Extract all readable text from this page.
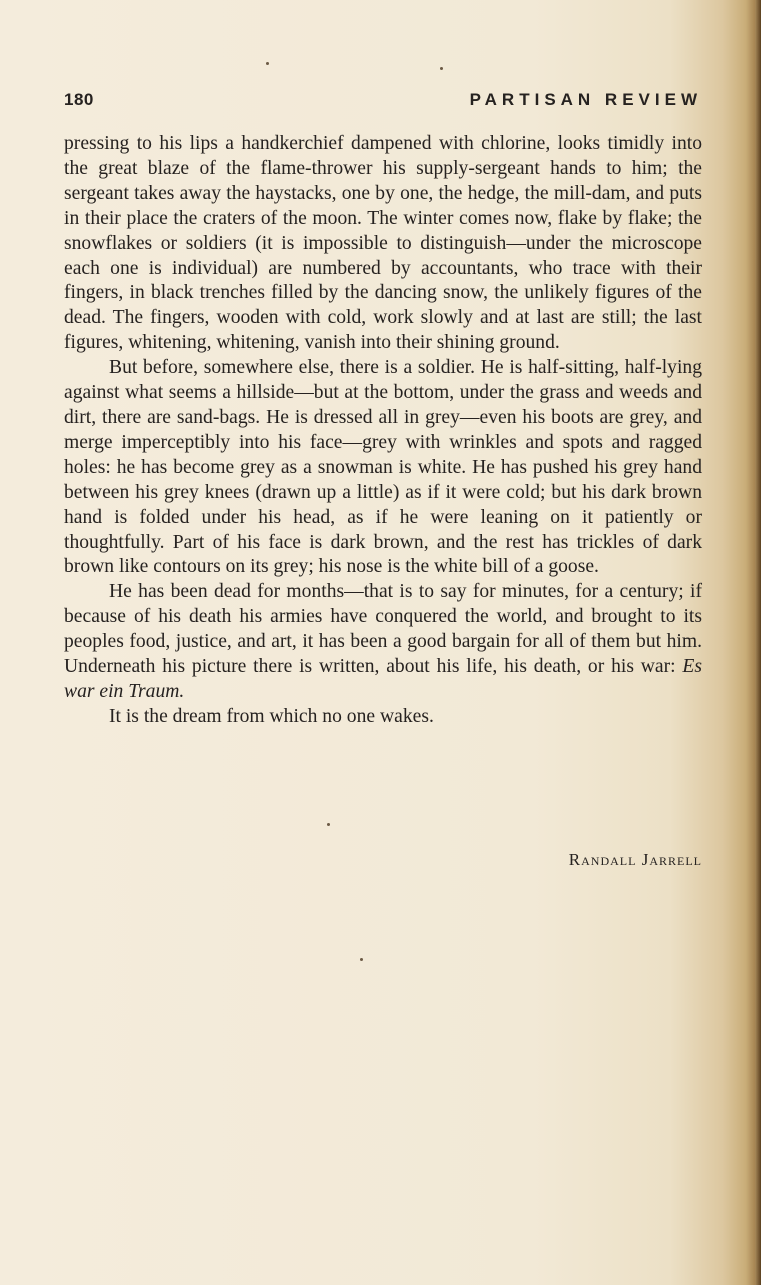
180	PARTISAN REVIEW

pressing to his lips a handkerchief dampened with chlorine, looks timidly into the great blaze of the flame-thrower his supply-sergeant hands to him; the sergeant takes away the haystacks, one by one, the hedge, the mill-dam, and puts in their place the craters of the moon. The winter comes now, flake by flake; the snowflakes or soldiers (it is impossible to distinguish—under the microscope each one is individual) are numbered by accountants, who trace with their fingers, in black trenches filled by the dancing snow, the unlikely figures of the dead. The fingers, wooden with cold, work slowly and at last are still; the last figures, whitening, whitening, vanish into their shining ground.

But before, somewhere else, there is a soldier. He is half-sitting, half-lying against what seems a hillside—but at the bottom, under the grass and weeds and dirt, there are sand-bags. He is dressed all in grey—even his boots are grey, and merge imperceptibly into his face—grey with wrinkles and spots and ragged holes: he has become grey as a snowman is white. He has pushed his grey hand between his grey knees (drawn up a little) as if it were cold; but his dark brown hand is folded under his head, as if he were leaning on it patiently or thoughtfully. Part of his face is dark brown, and the rest has trickles of dark brown like contours on its grey; his nose is the white bill of a goose.

He has been dead for months—that is to say for minutes, for a century; if because of his death his armies have conquered the world, and brought to its peoples food, justice, and art, it has been a good bargain for all of them but him. Underneath his picture there is written, about his life, his death, or his war: Es war ein Traum.

It is the dream from which no one wakes.

Randall Jarrell
